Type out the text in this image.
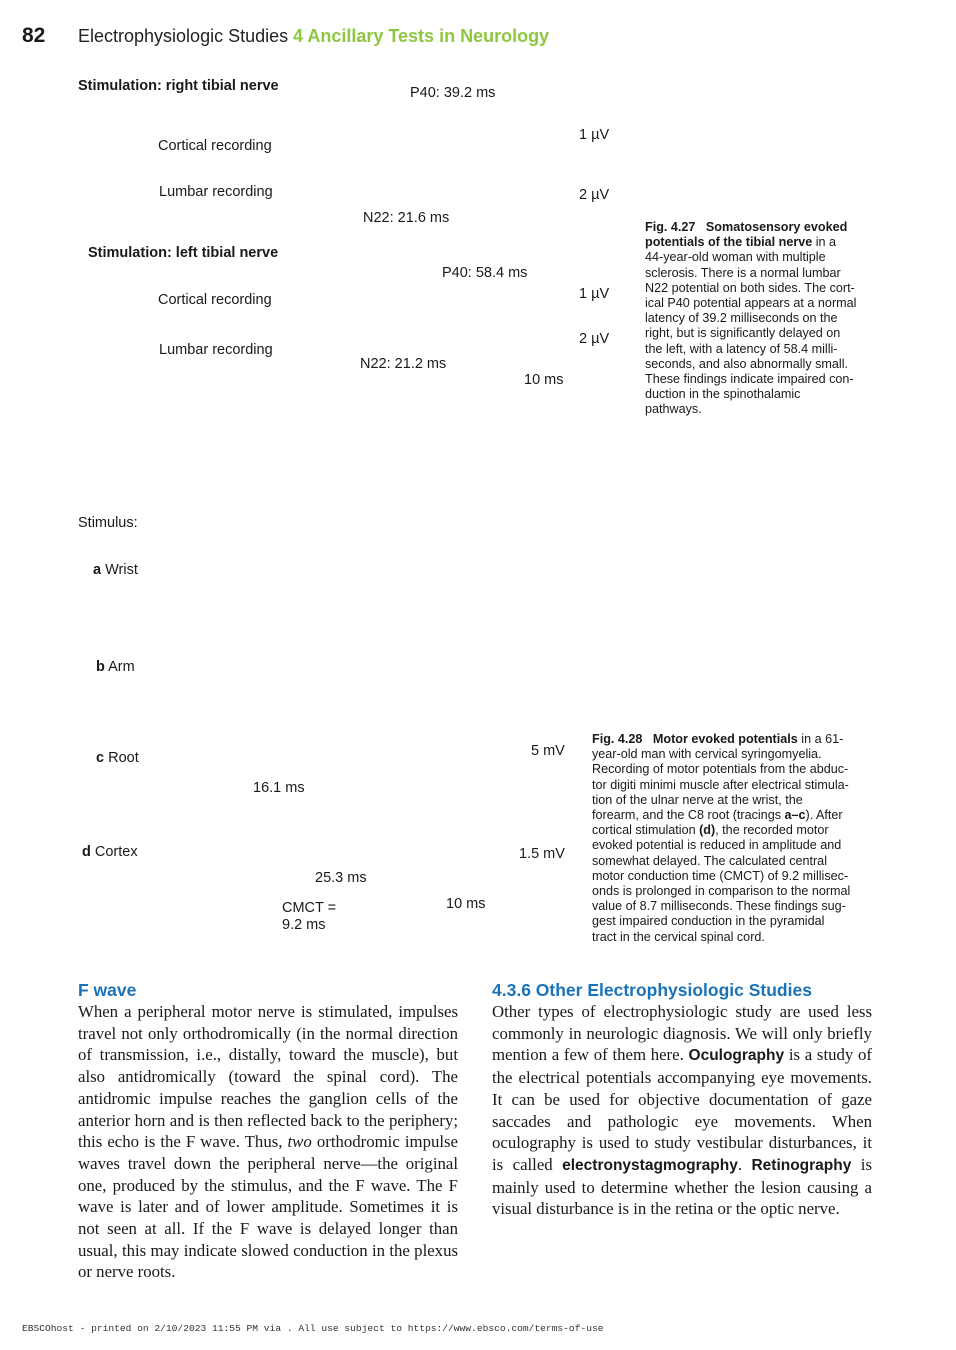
82 Electrophysiologic Studies 4 Ancillary Tests in Neurology
Stimulation: right tibial nerve	P40: 39.2 ms
Cortical recording
1 µV
Lumbar recording	2 µV
N22: 21.6 ms
Stimulation: left tibial nerve
P40: 58.4 ms
Cortical recording	1 µV
2 µV
Lumbar recording
N22: 21.2 ms
10 ms
Fig. 4.27 Somatosensory evoked
potentials of the tibial nerve in a
44-year-old woman with multiple
sclerosis. There is a normal lumbar
N22 potential on both sides. The cort-
ical P40 potential appears at a normal
latency of 39.2 milliseconds on the
right, but is significantly delayed on
the left, with a latency of 58.4 milli-
seconds, and also abnormally small.
These findings indicate impaired con-
duction in the spinothalamic
pathways.
Stimulus:
a Wrist
b Arm
c Root
d Cortex
5 mV
16.1 ms
1.5 mV
25.3 ms
CMCT =
9.2 ms
10 ms
Fig. 4.28 Motor evoked potentials in a 61-
year-old man with cervical syringomyelia.
Recording of motor potentials from the abduc-
tor digiti minimi muscle after electrical stimula-
tion of the ulnar nerve at the wrist, the
forearm, and the C8 root (tracings a–c). After
cortical stimulation (d), the recorded motor
evoked potential is reduced in amplitude and
somewhat delayed. The calculated central
motor conduction time (CMCT) of 9.2 millisec-
onds is prolonged in comparison to the normal
value of 8.7 milliseconds. These findings sug-
gest impaired conduction in the pyramidal
tract in the cervical spinal cord.
F wave
When a peripheral motor nerve is stimulated, impulses travel not only orthodromically (in the normal direction of transmission, i.e., distally, toward the muscle), but also antidromically (toward the spinal cord). The antidromic impulse reaches the ganglion cells of the anterior horn and is then reflected back to the periphery; this echo is the F wave. Thus, two orthodromic impulse waves travel down the peripheral nerve—the original one, produced by the stimulus, and the F wave. The F wave is later and of lower amplitude. Sometimes it is not seen at all. If the F wave is delayed longer than usual, this may indicate slowed conduction in the plexus or nerve roots.
4.3.6 Other Electrophysiologic Studies
Other types of electrophysiologic study are used less commonly in neurologic diagnosis. We will only briefly mention a few of them here. Oculography is a study of the electrical potentials accompanying eye movements. It can be used for objective documentation of gaze saccades and pathologic eye movements. When oculography is used to study vestibular disturbances, it is called electronystagmography. Retinography is mainly used to determine whether the lesion causing a visual disturbance is in the retina or the optic nerve.
EBSCOhost - printed on 2/10/2023 11:55 PM via . All use subject to https://www.ebsco.com/terms-of-use
